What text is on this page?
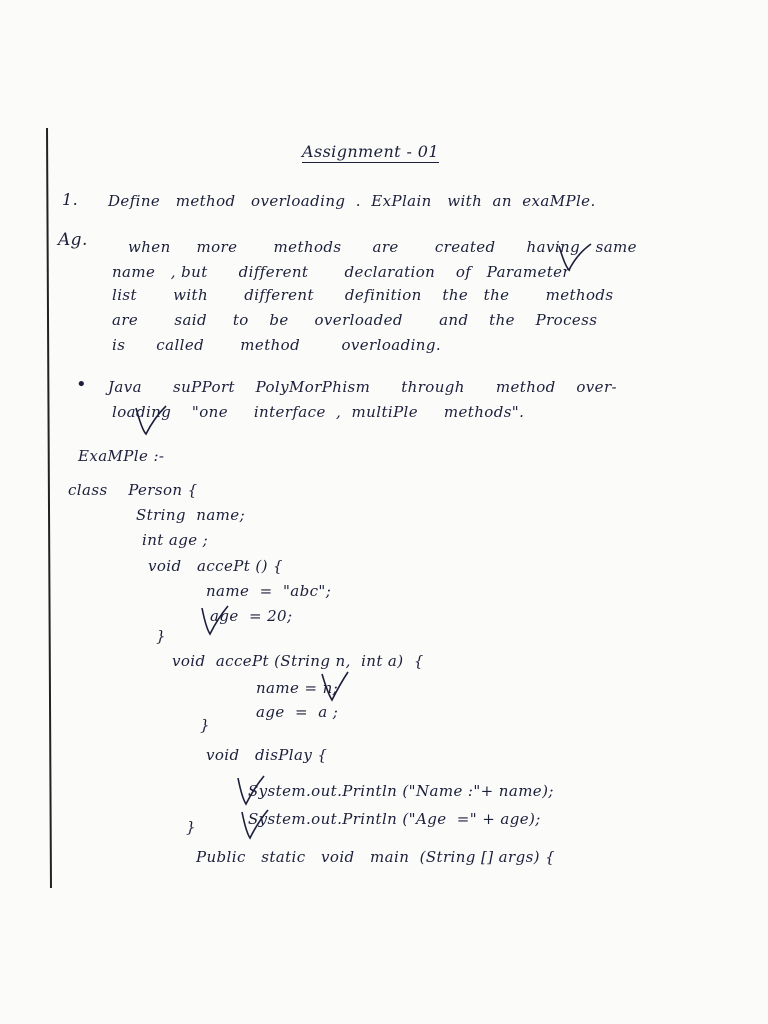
Assignment - 01
1. Define   method   overloading  .  ExPlain   with  an  exaMPle.
Ag.	when     more       methods      are       created      having   same
name   , but      different       declaration    of   Parameter
list       with       different      definition    the   the       methods
are       said     to    be     overloaded       and    the    Process
is      called       method        overloading.
• Java      suPPort    PolyMorPhism      through      method    over-
loading    "one     interface  ,  multiPle     methods".
ExaMPle :-
class    Person {
String  name;
int age ;
void   accePt () {
name  =  "abc";
age  = 20;
}
void  accePt (String n,  int a)  {
name = n;
age  =  a ;
}
void   disPlay {
System.out.Println ("Name :"+ name);
System.out.Println ("Age  =" + age);
}
Public   static   void   main  (String [] args) {
